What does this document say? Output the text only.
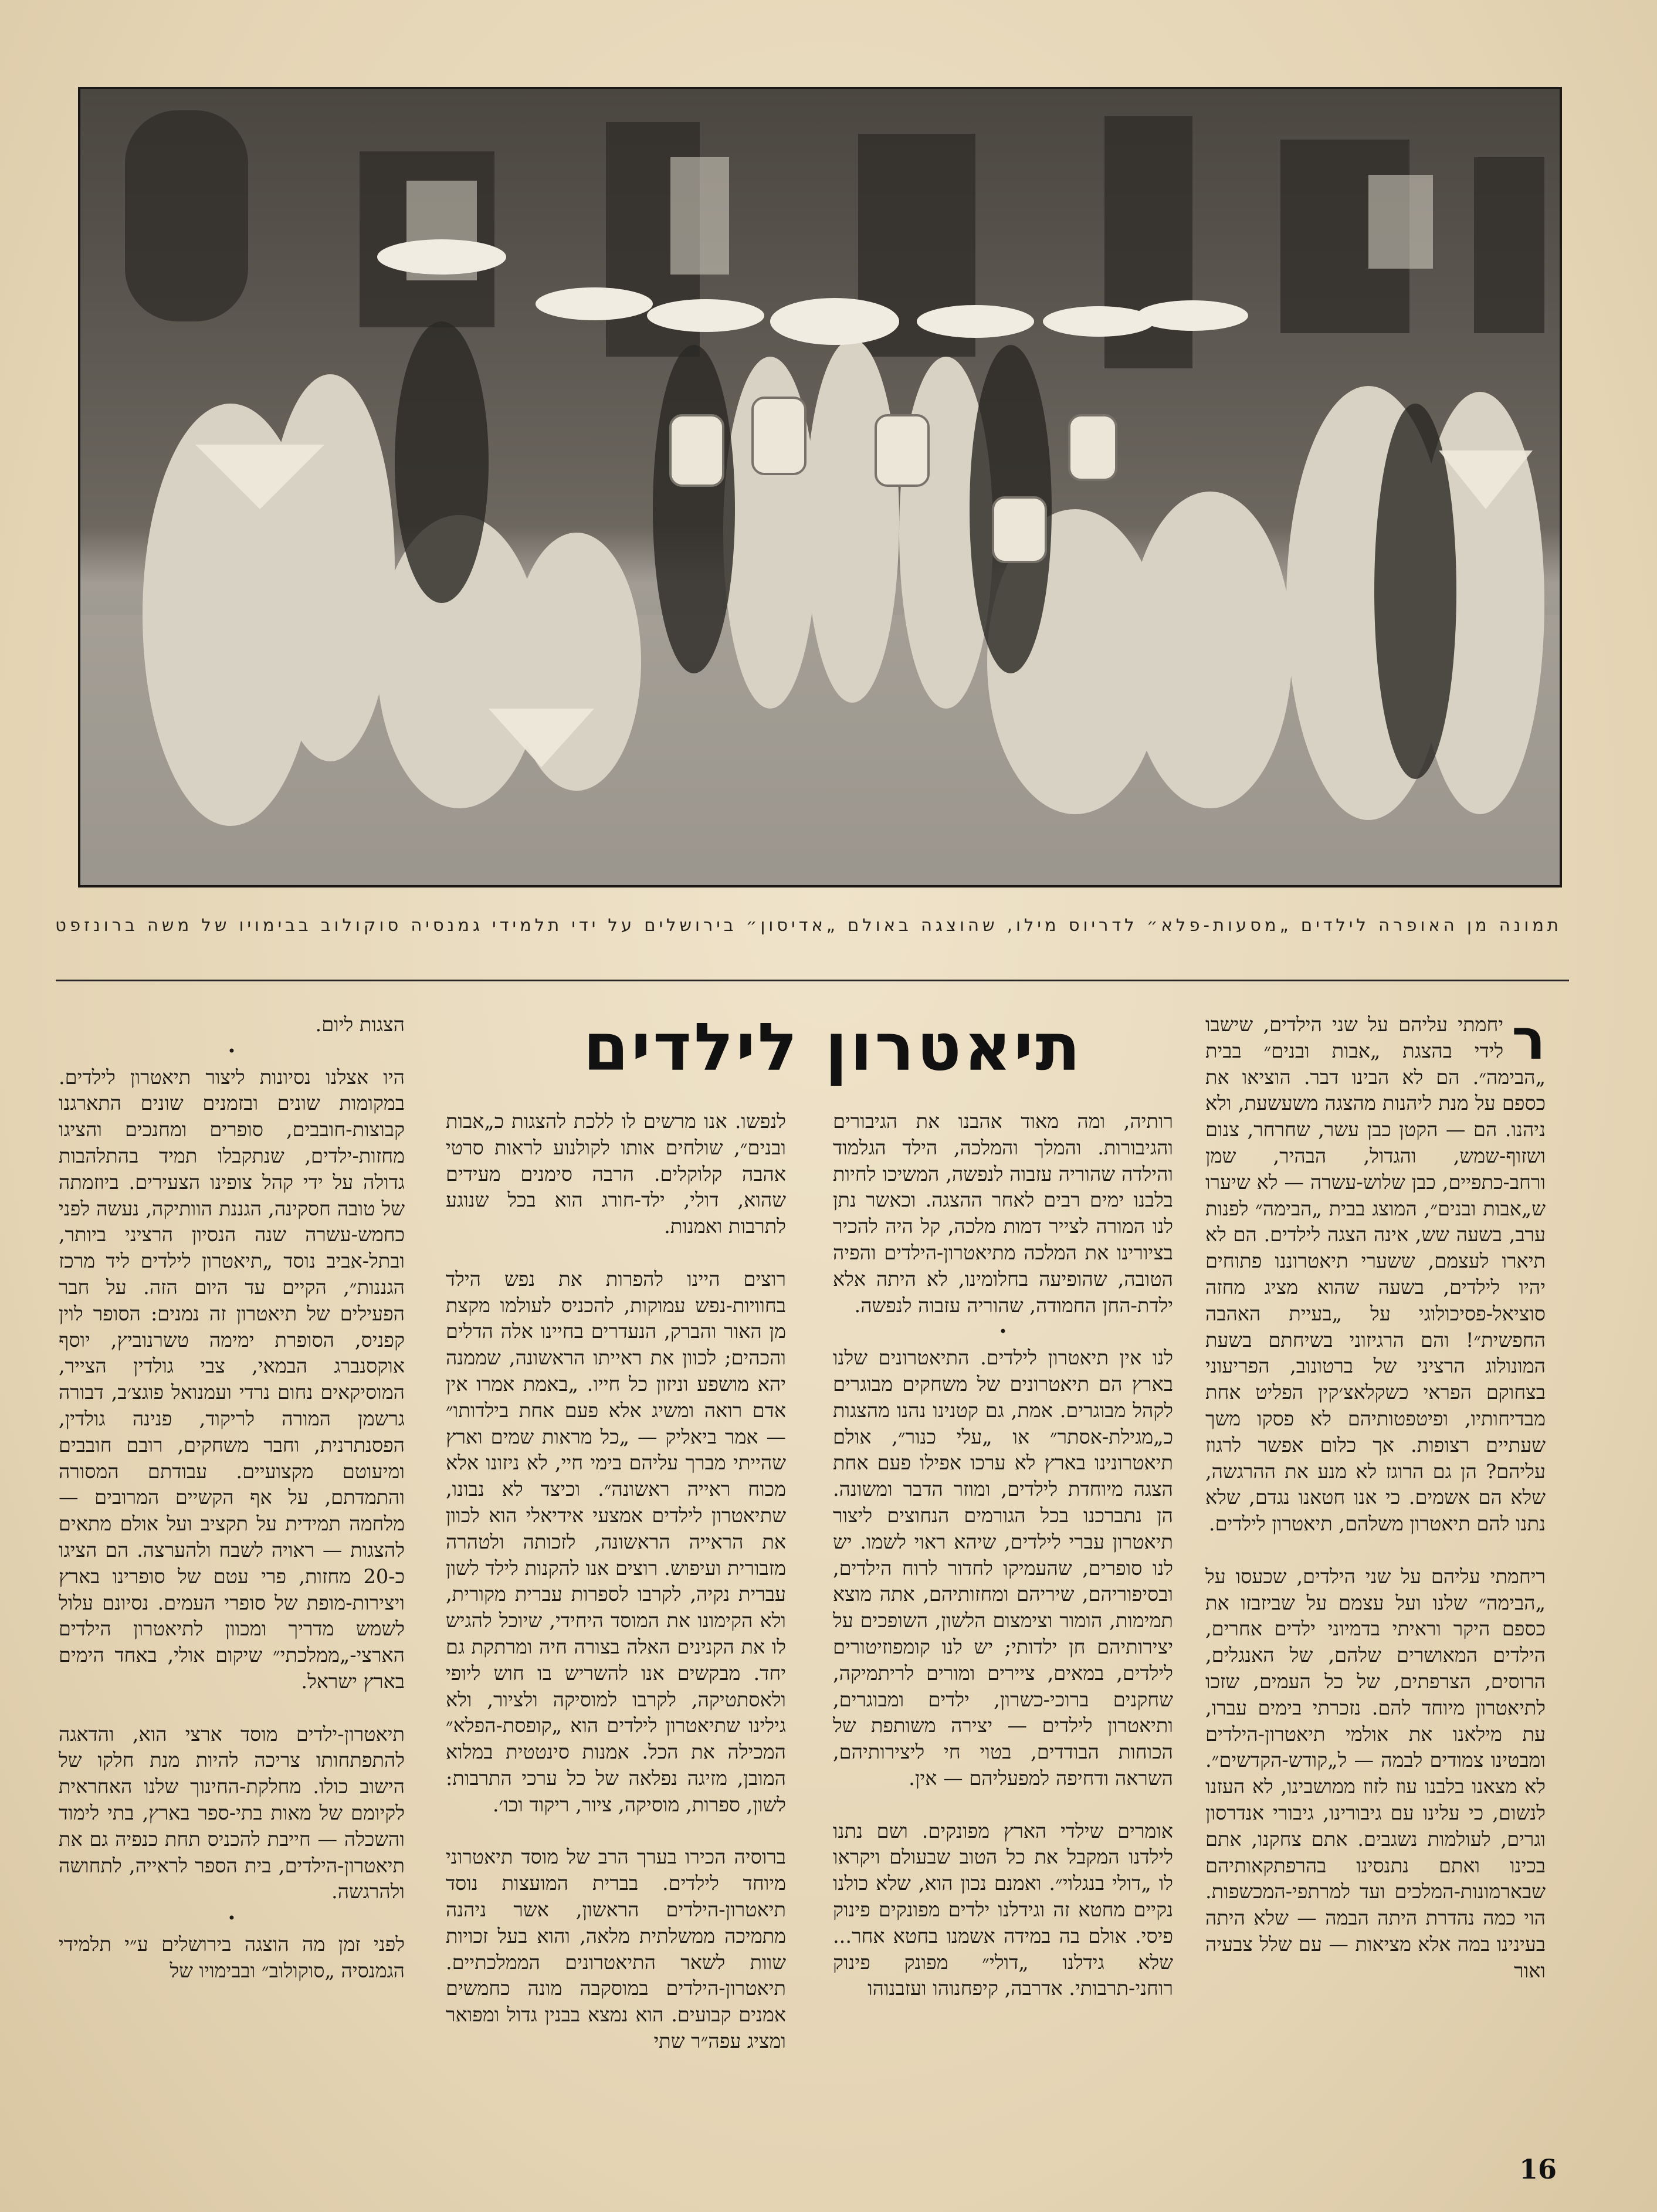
תמונה מן האופרה לילדים „מסעות-פלא״ לדריוס מילו, שהוצגה באולם „אדיסון״ בירושלים על ידי תלמידי גמנסיה סוקולוב בבימויו של משה ברונזפט
תיאטרון לילדים	ר

יחמתי עליהם על שני הילדים, שישבו לידי בהצגת „אבות ובנים״ בבית „הבימה״. הם לא הבינו דבר. הוציאו את כספם על מנת ליהנות מהצגה משעשעת, ולא ניהנו. הם — הקטן כבן עשר, שחרחר, צנום ושזוף-שמש, והגדול, הבהיר, שמן ורחב-כתפיים, כבן שלוש-עשרה — לא שיערו ש„אבות ובנים״, המוצג בבית „הבימה״ לפנות ערב, בשעה שש, אינה הצגה לילדים. הם לא תיארו לעצמם, ששערי תיאטרוננו פתוחים יהיו לילדים, בשעה שהוא מציג מחזה סוציאל-פסיכולוגי על „בעיית האהבה החפשית״! והם הרגיזוני בשיחתם בשעת המונולוג הרציני של ברטונוב, הפריעוני בצחוקם הפראי כשקלאצ׳קין הפליט אחת מבדיחותיו, ופיטפטותיהם לא פסקו משך שעתיים רצופות. אך כלום אפשר לרגוז עליהם? הן גם הרוגז לא מנע את ההרגשה, שלא הם אשמים. כי אנו חטאנו נגדם, שלא נתנו להם תיאטרון משלהם, תיאטרון לילדים.

ריחמתי עליהם על שני הילדים, שכעסו על „הבימה״ שלנו ועל עצמם על שביזבזו את כספם היקר וראיתי בדמיוני ילדים אחרים, הילדים המאושרים שלהם, של האנגלים, הרוסים, הצרפתים, של כל העמים, שזכו לתיאטרון מיוחד להם. נזכרתי בימים עברו, עת מילאנו את אולמי תיאטרון-הילדים ומבטינו צמודים לבמה — ל„קודש-הקדשים״. לא מצאנו בלבנו עוז לזוז ממושבינו, לא העזנו לנשום, כי עלינו עם גיבורינו, גיבורי אנדרסון וגרים, לעולמות נשגבים. אתם צחקנו, אתם בכינו ואתם נתנסינו בהרפתקאותיהם שבארמונות-המלכים ועד למרתפי-המכשפות. הוי כמה נהדרת היתה הבמה — שלא היתה בעינינו במה אלא מציאות — עם שלל צבעיה ואור

רותיה, ומה מאוד אהבנו את הגיבורים והגיבורות. והמלך והמלכה, הילד הגלמוד והילדה שהוריה עזבוה לנפשה, המשיכו לחיות בלבנו ימים רבים לאחר ההצגה. וכאשר נתן לנו המורה לצייר דמות מלכה, קל היה להכיר בציורינו את המלכה מתיאטרון-הילדים והפיה הטובה, שהופיעה בחלומינו, לא היתה אלא ילדת-החן החמודה, שהוריה עזבוה לנפשה.

•

לנו אין תיאטרון לילדים. התיאטרונים שלנו בארץ הם תיאטרונים של משחקים מבוגרים לקהל מבוגרים. אמת, גם קטנינו נהנו מהצגות כ„מגילת-אסתר״ או „עלי כנור״, אולם תיאטרונינו בארץ לא ערכו אפילו פעם אחת הצגה מיוחדת לילדים, ומוזר הדבר ומשונה. הן נתברכנו בכל הגורמים הנחוצים ליצור תיאטרון עברי לילדים, שיהא ראוי לשמו. יש לנו סופרים, שהעמיקו לחדור לרוח הילדים, ובסיפוריהם, שיריהם ומחזותיהם, אתה מוצא תמימות, הומור וצימצום הלשון, השופכים על יצירותיהם חן ילדותי; יש לנו קומפוזיטורים לילדים, במאים, ציירים ומורים לריתמיקה, שחקנים ברוכי-כשרון, ילדים ומבוגרים, ותיאטרון לילדים — יצירה משותפת של הכוחות הבודדים, בטוי חי ליצירותיהם, השראה ודחיפה למפעליהם — אין.

אומרים שילדי הארץ מפונקים. ושם נתנו לילדנו המקבל את כל הטוב שבעולם ויקראו לו „דולי בנגלוי״. ואמנם נכון הוא, שלא כולנו נקיים מחטא זה וגידלנו ילדים מפונקים פינוק פיסי. אולם בה במידה אשמנו בחטא אחר... שלא גידלנו „דולי״ מפונק פינוק רוחני-תרבותי. אדרבה, קיפחנוהו ועזבנוהו

לנפשו. אנו מרשים לו ללכת להצגות כ„אבות ובנים״, שולחים אותו לקולנוע לראות סרטי אהבה קלוקלים. הרבה סימנים מעידים שהוא, דולי, ילד-חורג הוא בכל שנוגע לתרבות ואמנות.

רוצים היינו להפרות את נפש הילד בחוויות-נפש עמוקות, להכניס לעולמו מקצת מן האור והברק, הנעדרים בחיינו אלה הדלים והכהים; לכוון את ראייתו הראשונה, שממנה יהא מושפע וניזון כל חייו. „באמת אמרו אין אדם רואה ומשיג אלא פעם אחת בילדותו״ — אמר ביאליק — „כל מראות שמים וארץ שהייתי מברך עליהם בימי חיי, לא ניזונו אלא מכוח ראייה ראשונה״. וכיצד לא נבונו, שתיאטרון לילדים אמצעי אידיאלי הוא לכוון את הראייה הראשונה, לזכותה ולטהרה מזבורית ועיפוש. רוצים אנו להקנות לילד לשון עברית נקיה, לקרבו לספרות עברית מקורית, ולא הקימונו את המוסד היחידי, שיוכל להגיש לו את הקנינים האלה בצורה חיה ומרתקת גם יחד. מבקשים אנו להשריש בו חוש ליופי ולאסתטיקה, לקרבו למוסיקה ולציור, ולא גילינו שתיאטרון לילדים הוא „קופסת-הפלא״ המכילה את הכל. אמנות סינטטית במלוא המובן, מזיגה נפלאה של כל ערכי התרבות: לשון, ספרות, מוסיקה, ציור, ריקוד וכו׳.

ברוסיה הכירו בערך הרב של מוסד תיאטרוני מיוחד לילדים. בברית המועצות נוסד תיאטרון-הילדים הראשון, אשר ניהנה מתמיכה ממשלתית מלאה, והוא בעל זכויות שוות לשאר התיאטרונים הממלכתיים. תיאטרון-הילדים במוסקבה מונה כחמשים אמנים קבועים. הוא נמצא בבנין גדול ומפואר ומציג עפה״ר שתי

הצגות ליום.

•

היו אצלנו נסיונות ליצור תיאטרון לילדים. במקומות שונים ובזמנים שונים התארגנו קבוצות-חובבים, סופרים ומחנכים והציגו מחזות-ילדים, שנתקבלו תמיד בהתלהבות גדולה על ידי קהל צופינו הצעירים. ביוזמתה של טובה חסקינה, הגננת הוותיקה, נעשה לפני כחמש-עשרה שנה הנסיון הרציני ביותר, ובתל-אביב נוסד „תיאטרון לילדים ליד מרכז הגננות״, הקיים עד היום הזה. על חבר הפעילים של תיאטרון זה נמנים: הסופר לוין קפניס, הסופרת ימימה טשרנוביץ, יוסף אוקסנברג הבמאי, צבי גולדין הצייר, המוסיקאים נחום נרדי ועמנואל פוגצ׳ב, דבורה גרשמן המורה לריקוד, פנינה גולדין, הפסנתרנית, וחבר משחקים, רובם חובבים ומיעוטם מקצועיים. עבודתם המסורה והתמדתם, על אף הקשיים המרובים — מלחמה תמידית על תקציב ועל אולם מתאים להצגות — ראויה לשבח ולהערצה. הם הציגו כ-20 מחזות, פרי עטם של סופרינו בארץ ויצירות-מופת של סופרי העמים. נסיונם עלול לשמש מדריך ומכוון לתיאטרון הילדים הארצי-„ממלכתי״ שיקום אולי, באחד הימים בארץ ישראל.

תיאטרון-ילדים מוסד ארצי הוא, והדאגה להתפתחותו צריכה להיות מנת חלקו של הישוב כולו. מחלקת-החינוך שלנו האחראית לקיומם של מאות בתי-ספר בארץ, בתי לימוד והשכלה — חייבת להכניס תחת כנפיה גם את תיאטרון-הילדים, בית הספר לראייה, לתחושה ולהרגשה.

•

לפני זמן מה הוצגה בירושלים ע״י תלמידי הגמנסיה „סוקולוב״ ובבימויו של

16
